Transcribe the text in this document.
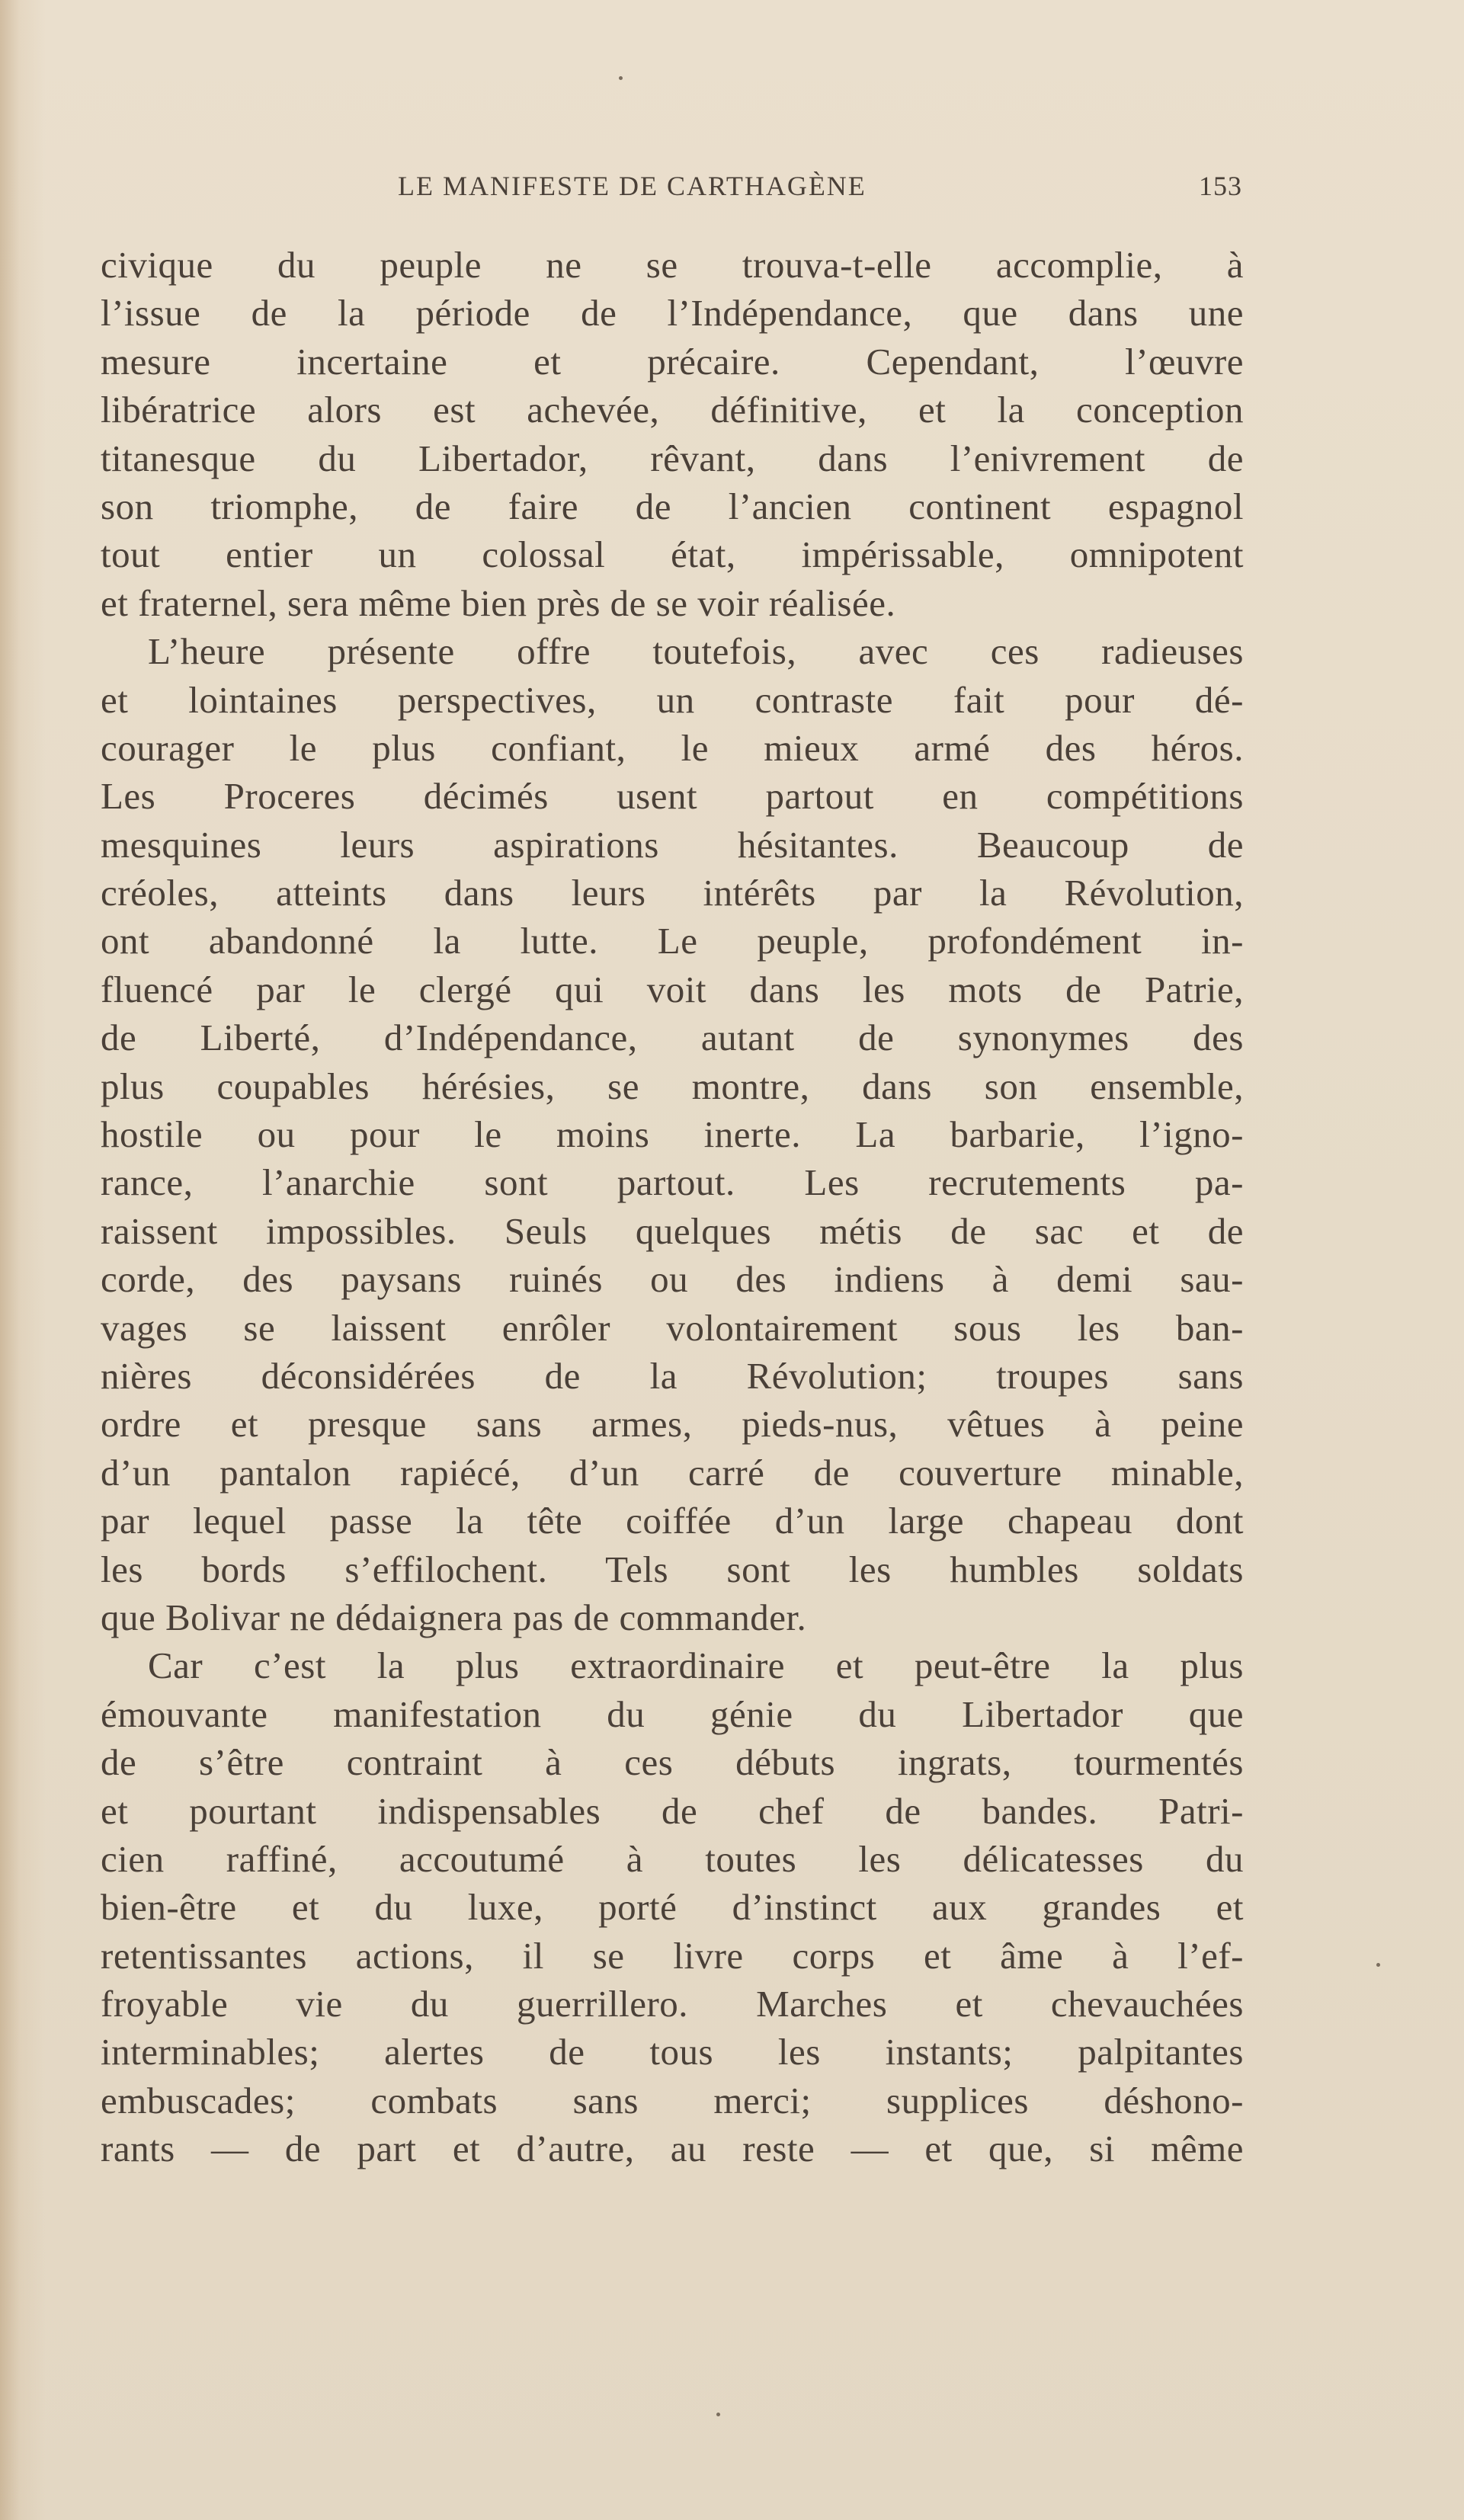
LE MANIFESTE DE CARTHAGÈNE	153
civique du peuple ne se trouva-t-elle accomplie, à
l’issue de la période de l’Indépendance, que dans une
mesure incertaine et précaire. Cependant, l’œuvre
libératrice alors est achevée, définitive, et la conception
titanesque du Libertador, rêvant, dans l’enivrement de
son triomphe, de faire de l’ancien continent espagnol
tout entier un colossal état, impérissable, omnipotent
et fraternel, sera même bien près de se voir réalisée.
L’heure présente offre toutefois, avec ces radieuses
et lointaines perspectives, un contraste fait pour dé-
courager le plus confiant, le mieux armé des héros.
Les Proceres décimés usent partout en compétitions
mesquines leurs aspirations hésitantes. Beaucoup de
créoles, atteints dans leurs intérêts par la Révolution,
ont abandonné la lutte. Le peuple, profondément in-
fluencé par le clergé qui voit dans les mots de Patrie,
de Liberté, d’Indépendance, autant de synonymes des
plus coupables hérésies, se montre, dans son ensemble,
hostile ou pour le moins inerte. La barbarie, l’igno-
rance, l’anarchie sont partout. Les recrutements pa-
raissent impossibles. Seuls quelques métis de sac et de
corde, des paysans ruinés ou des indiens à demi sau-
vages se laissent enrôler volontairement sous les ban-
nières déconsidérées de la Révolution; troupes sans
ordre et presque sans armes, pieds-nus, vêtues à peine
d’un pantalon rapiécé, d’un carré de couverture minable,
par lequel passe la tête coiffée d’un large chapeau dont
les bords s’effilochent. Tels sont les humbles soldats
que Bolivar ne dédaignera pas de commander.
Car c’est la plus extraordinaire et peut-être la plus
émouvante manifestation du génie du Libertador que
de s’être contraint à ces débuts ingrats, tourmentés
et pourtant indispensables de chef de bandes. Patri-
cien raffiné, accoutumé à toutes les délicatesses du
bien-être et du luxe, porté d’instinct aux grandes et
retentissantes actions, il se livre corps et âme à l’ef-
froyable vie du guerrillero. Marches et chevauchées
interminables; alertes de tous les instants; palpitantes
embuscades; combats sans merci; supplices déshono-
rants — de part et d’autre, au reste — et que, si même
